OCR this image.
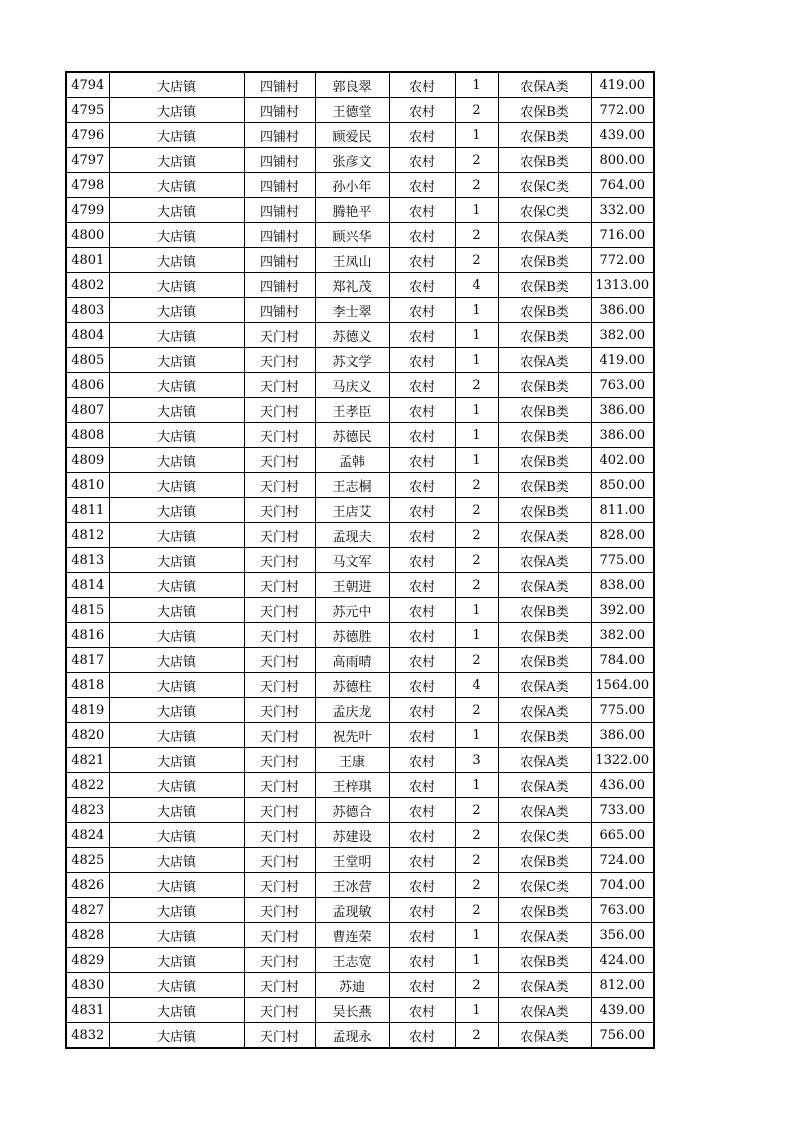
4794	大店镇	四铺村	郭良翠	农村	1	农保A类	419.00
4795	大店镇	四铺村	王德堂	农村	2	农保B类	772.00
4796	大店镇	四铺村	顾爱民	农村	1	农保B类	439.00
4797	大店镇	四铺村	张彦文	农村	2	农保B类	800.00
4798	大店镇	四铺村	孙小年	农村	2	农保C类	764.00
4799	大店镇	四铺村	腾艳平	农村	1	农保C类	332.00
4800	大店镇	四铺村	顾兴华	农村	2	农保A类	716.00
4801	大店镇	四铺村	王凤山	农村	2	农保B类	772.00
4802	大店镇	四铺村	郑礼茂	农村	4	农保B类	1313.00
4803	大店镇	四铺村	李士翠	农村	1	农保B类	386.00
4804	大店镇	天门村	苏德义	农村	1	农保B类	382.00
4805	大店镇	天门村	苏文学	农村	1	农保A类	419.00
4806	大店镇	天门村	马庆义	农村	2	农保B类	763.00
4807	大店镇	天门村	王孝臣	农村	1	农保B类	386.00
4808	大店镇	天门村	苏德民	农村	1	农保B类	386.00
4809	大店镇	天门村	孟韩	农村	1	农保B类	402.00
4810	大店镇	天门村	王志桐	农村	2	农保B类	850.00
4811	大店镇	天门村	王店艾	农村	2	农保B类	811.00
4812	大店镇	天门村	孟现夫	农村	2	农保A类	828.00
4813	大店镇	天门村	马文军	农村	2	农保A类	775.00
4814	大店镇	天门村	王朝进	农村	2	农保A类	838.00
4815	大店镇	天门村	苏元中	农村	1	农保B类	392.00
4816	大店镇	天门村	苏德胜	农村	1	农保B类	382.00
4817	大店镇	天门村	高雨晴	农村	2	农保B类	784.00
4818	大店镇	天门村	苏德柱	农村	4	农保A类	1564.00
4819	大店镇	天门村	孟庆龙	农村	2	农保A类	775.00
4820	大店镇	天门村	祝先叶	农村	1	农保B类	386.00
4821	大店镇	天门村	王康	农村	3	农保A类	1322.00
4822	大店镇	天门村	王梓琪	农村	1	农保A类	436.00
4823	大店镇	天门村	苏德合	农村	2	农保A类	733.00
4824	大店镇	天门村	苏建设	农村	2	农保C类	665.00
4825	大店镇	天门村	王堂明	农村	2	农保B类	724.00
4826	大店镇	天门村	王冰营	农村	2	农保C类	704.00
4827	大店镇	天门村	孟现敏	农村	2	农保B类	763.00
4828	大店镇	天门村	曹连荣	农村	1	农保A类	356.00
4829	大店镇	天门村	王志宽	农村	1	农保B类	424.00
4830	大店镇	天门村	苏迪	农村	2	农保A类	812.00
4831	大店镇	天门村	吴长燕	农村	1	农保A类	439.00
4832	大店镇	天门村	孟现永	农村	2	农保A类	756.00
